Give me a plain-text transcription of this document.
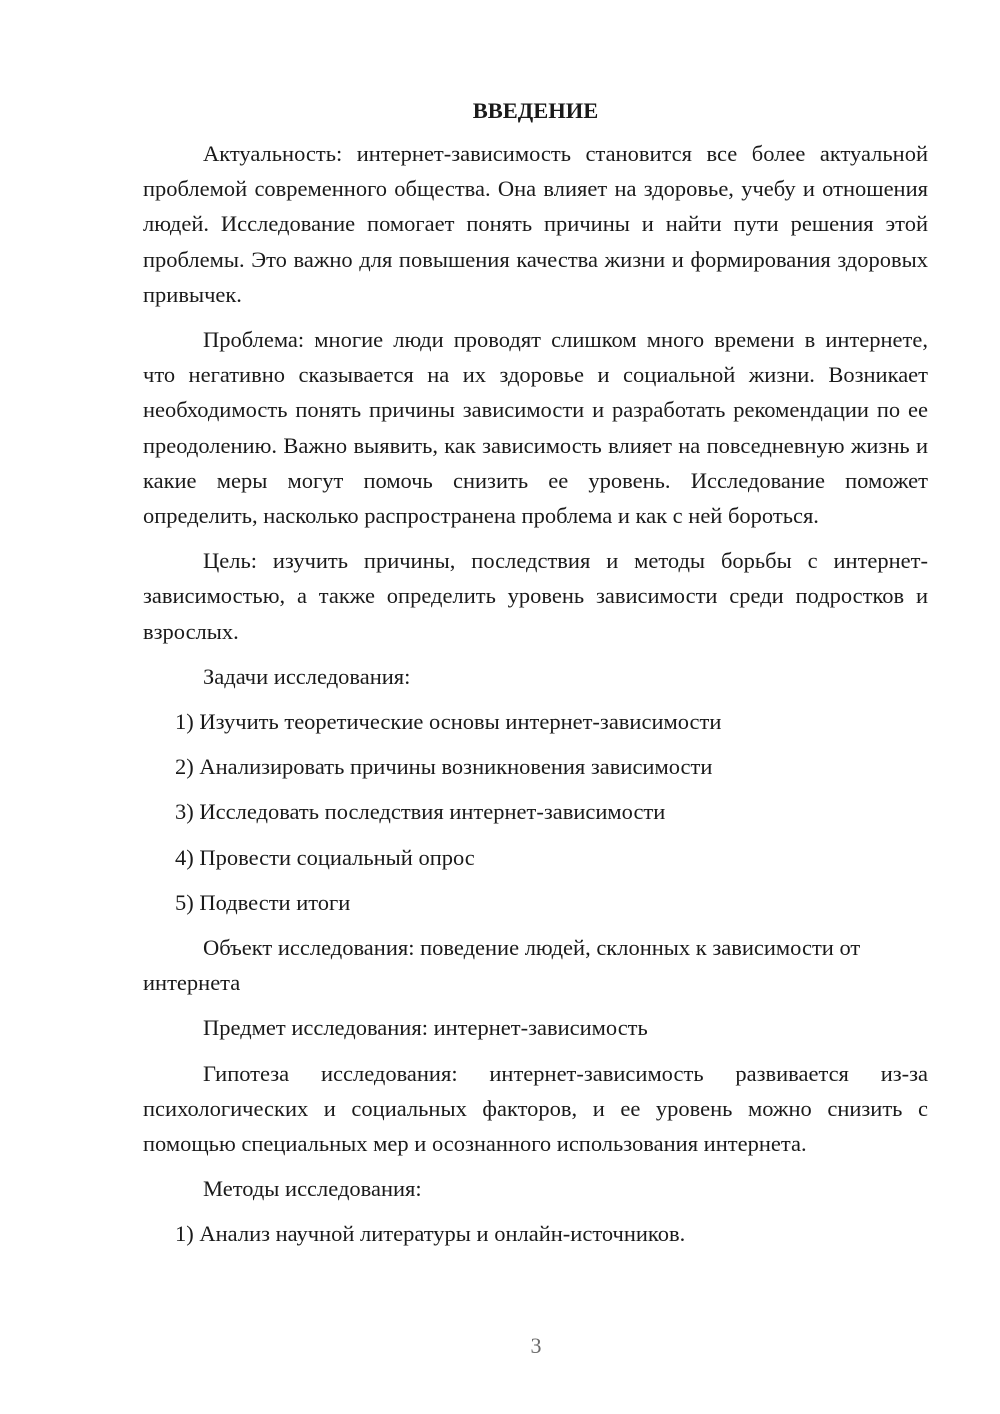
ВВЕДЕНИЕ

Актуальность: интернет-зависимость становится все более актуальной проблемой современного общества. Она влияет на здоровье, учебу и отношения людей. Исследование помогает понять причины и найти пути решения этой проблемы. Это важно для повышения качества жизни и формирования здоровых привычек.

Проблема: многие люди проводят слишком много времени в интернете, что негативно сказывается на их здоровье и социальной жизни. Возникает необходимость понять причины зависимости и разработать рекомендации по ее преодолению. Важно выявить, как зависимость влияет на повседневную жизнь и какие меры могут помочь снизить ее уровень. Исследование поможет определить, насколько распространена проблема и как с ней бороться.

Цель: изучить причины, последствия и методы борьбы с интернет-зависимостью, а также определить уровень зависимости среди подростков и взрослых.

Задачи исследования:

1) Изучить теоретические основы интернет-зависимости

2) Анализировать причины возникновения зависимости

3) Исследовать последствия интернет-зависимости

4) Провести социальный опрос

5) Подвести итоги

Объект исследования: поведение людей, склонных к зависимости от интернета

Предмет исследования: интернет-зависимость

Гипотеза исследования: интернет-зависимость развивается из-за психологических и социальных факторов, и ее уровень можно снизить с помощью специальных мер и осознанного использования интернета.

Методы исследования:

1) Анализ научной литературы и онлайн-источников.

3
